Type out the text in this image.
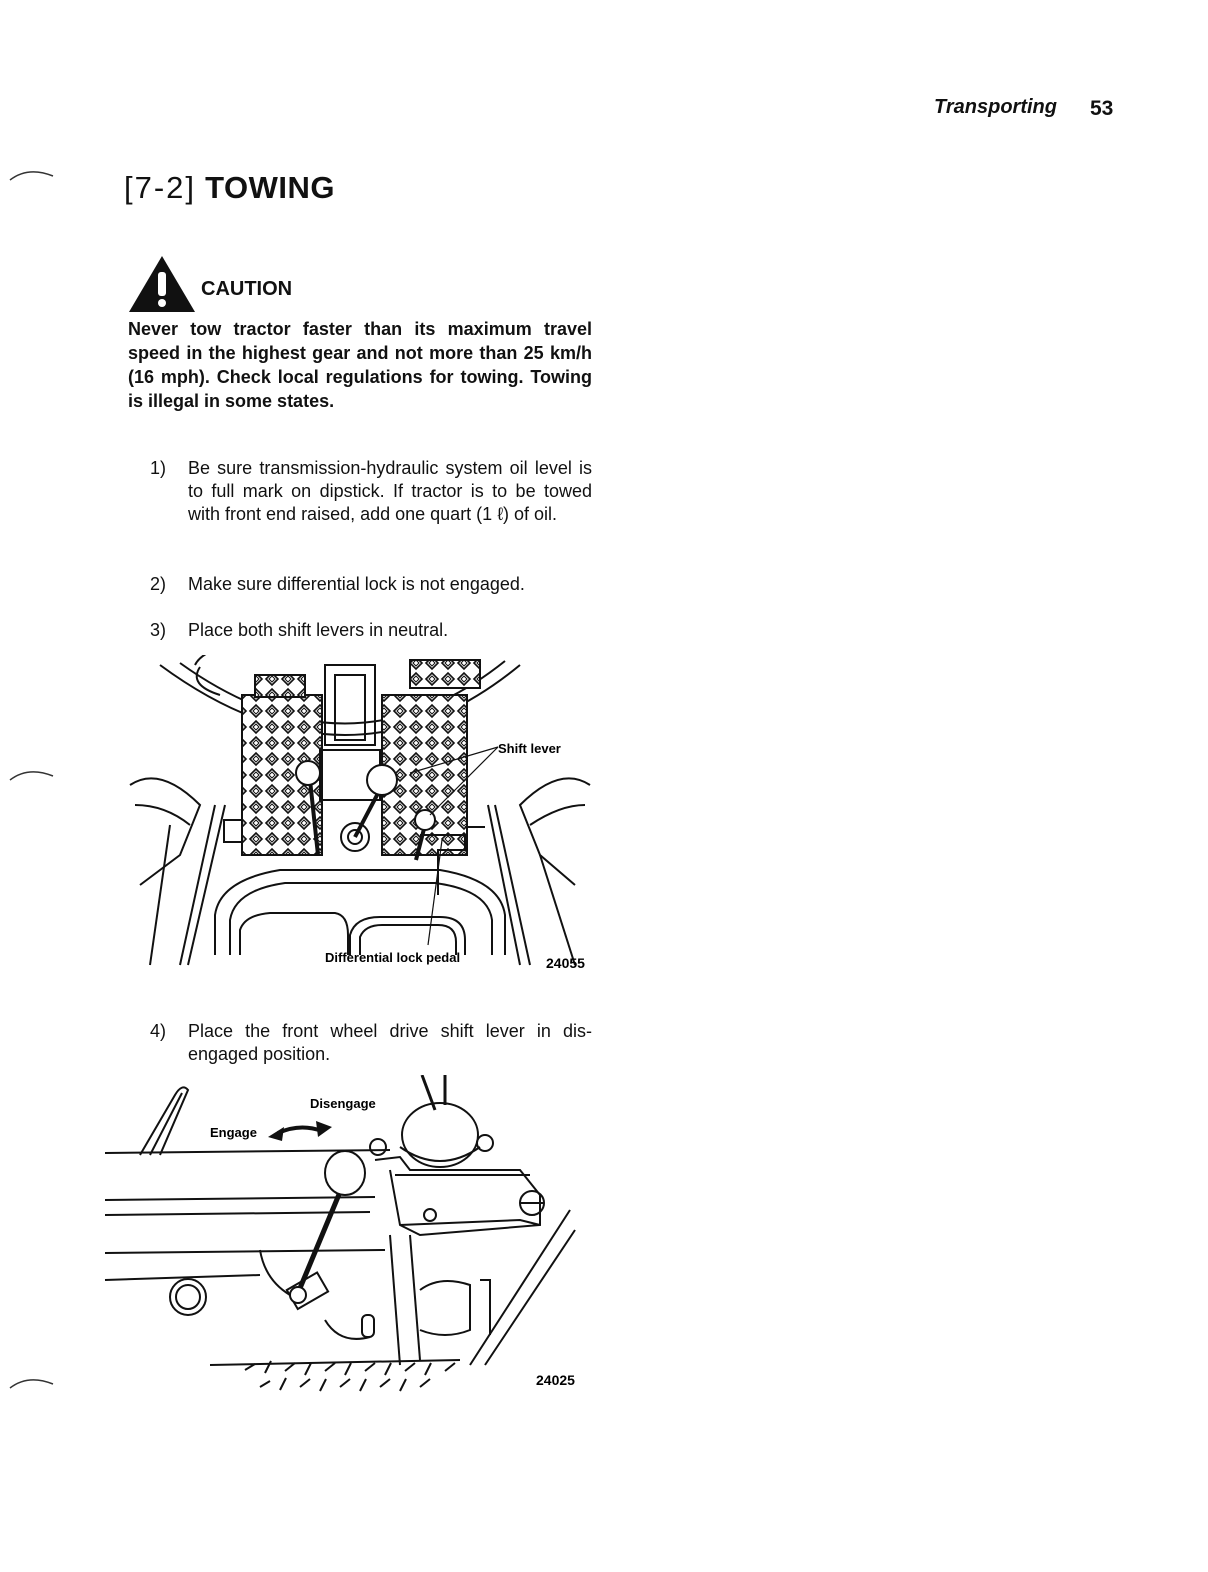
Transporting 53
[7-2] TOWING
CAUTION
Never tow tractor faster than its maximum travel speed in the highest gear and not more than 25 km/h (16 mph). Check local regulations for towing. Towing is illegal in some states.
1)	Be sure transmission-hydraulic system oil level is to full mark on dipstick. If tractor is to be towed with front end raised, add one quart (1 ℓ) of oil.
2)	Make sure differential lock is not engaged.
3)	Place both shift levers in neutral.
Shift lever
Differential lock pedal	24055
4)	Place the front wheel drive shift lever in dis-engaged position.
Disengage
Engage
24025
